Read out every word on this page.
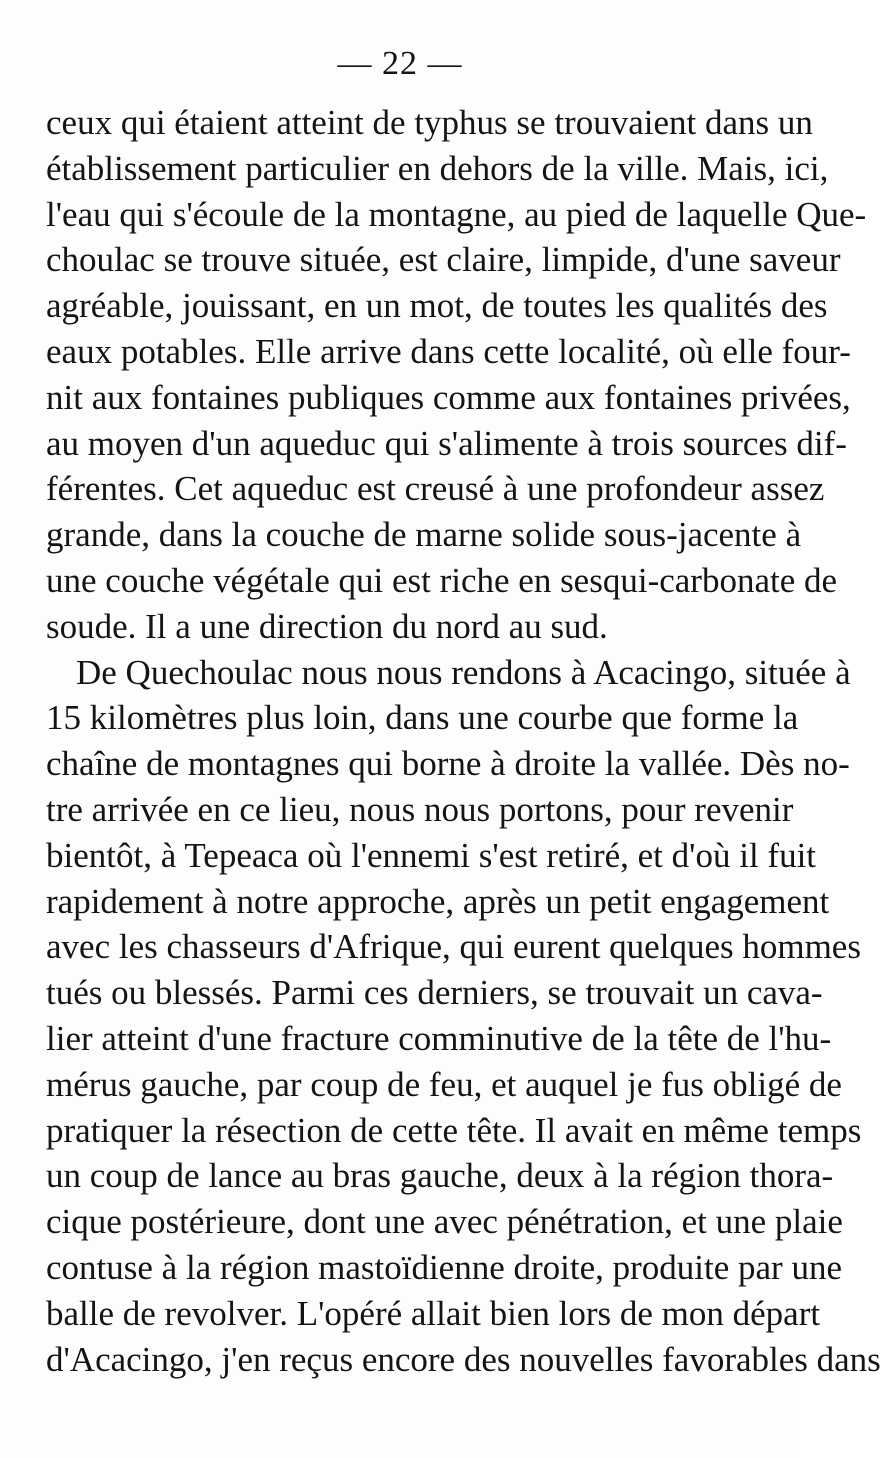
— 22 —
ceux qui étaient atteint de typhus se trouvaient dans un
établissement particulier en dehors de la ville. Mais, ici,
l'eau qui s'écoule de la montagne, au pied de laquelle Que-
choulac se trouve située, est claire, limpide, d'une saveur
agréable, jouissant, en un mot, de toutes les qualités des
eaux potables. Elle arrive dans cette localité, où elle four-
nit aux fontaines publiques comme aux fontaines privées,
au moyen d'un aqueduc qui s'alimente à trois sources dif-
férentes. Cet aqueduc est creusé à une profondeur assez
grande, dans la couche de marne solide sous-jacente à
une couche végétale qui est riche en sesqui-carbonate de
soude. Il a une direction du nord au sud.
De Quechoulac nous nous rendons à Acacingo, située à
15 kilomètres plus loin, dans une courbe que forme la
chaîne de montagnes qui borne à droite la vallée. Dès no-
tre arrivée en ce lieu, nous nous portons, pour revenir
bientôt, à Tepeaca où l'ennemi s'est retiré, et d'où il fuit
rapidement à notre approche, après un petit engagement
avec les chasseurs d'Afrique, qui eurent quelques hommes
tués ou blessés. Parmi ces derniers, se trouvait un cava-
lier atteint d'une fracture comminutive de la tête de l'hu-
mérus gauche, par coup de feu, et auquel je fus obligé de
pratiquer la résection de cette tête. Il avait en même temps
un coup de lance au bras gauche, deux à la région thora-
cique postérieure, dont une avec pénétration, et une plaie
contuse à la région mastoïdienne droite, produite par une
balle de revolver. L'opéré allait bien lors de mon départ
d'Acacingo, j'en reçus encore des nouvelles favorables dans
